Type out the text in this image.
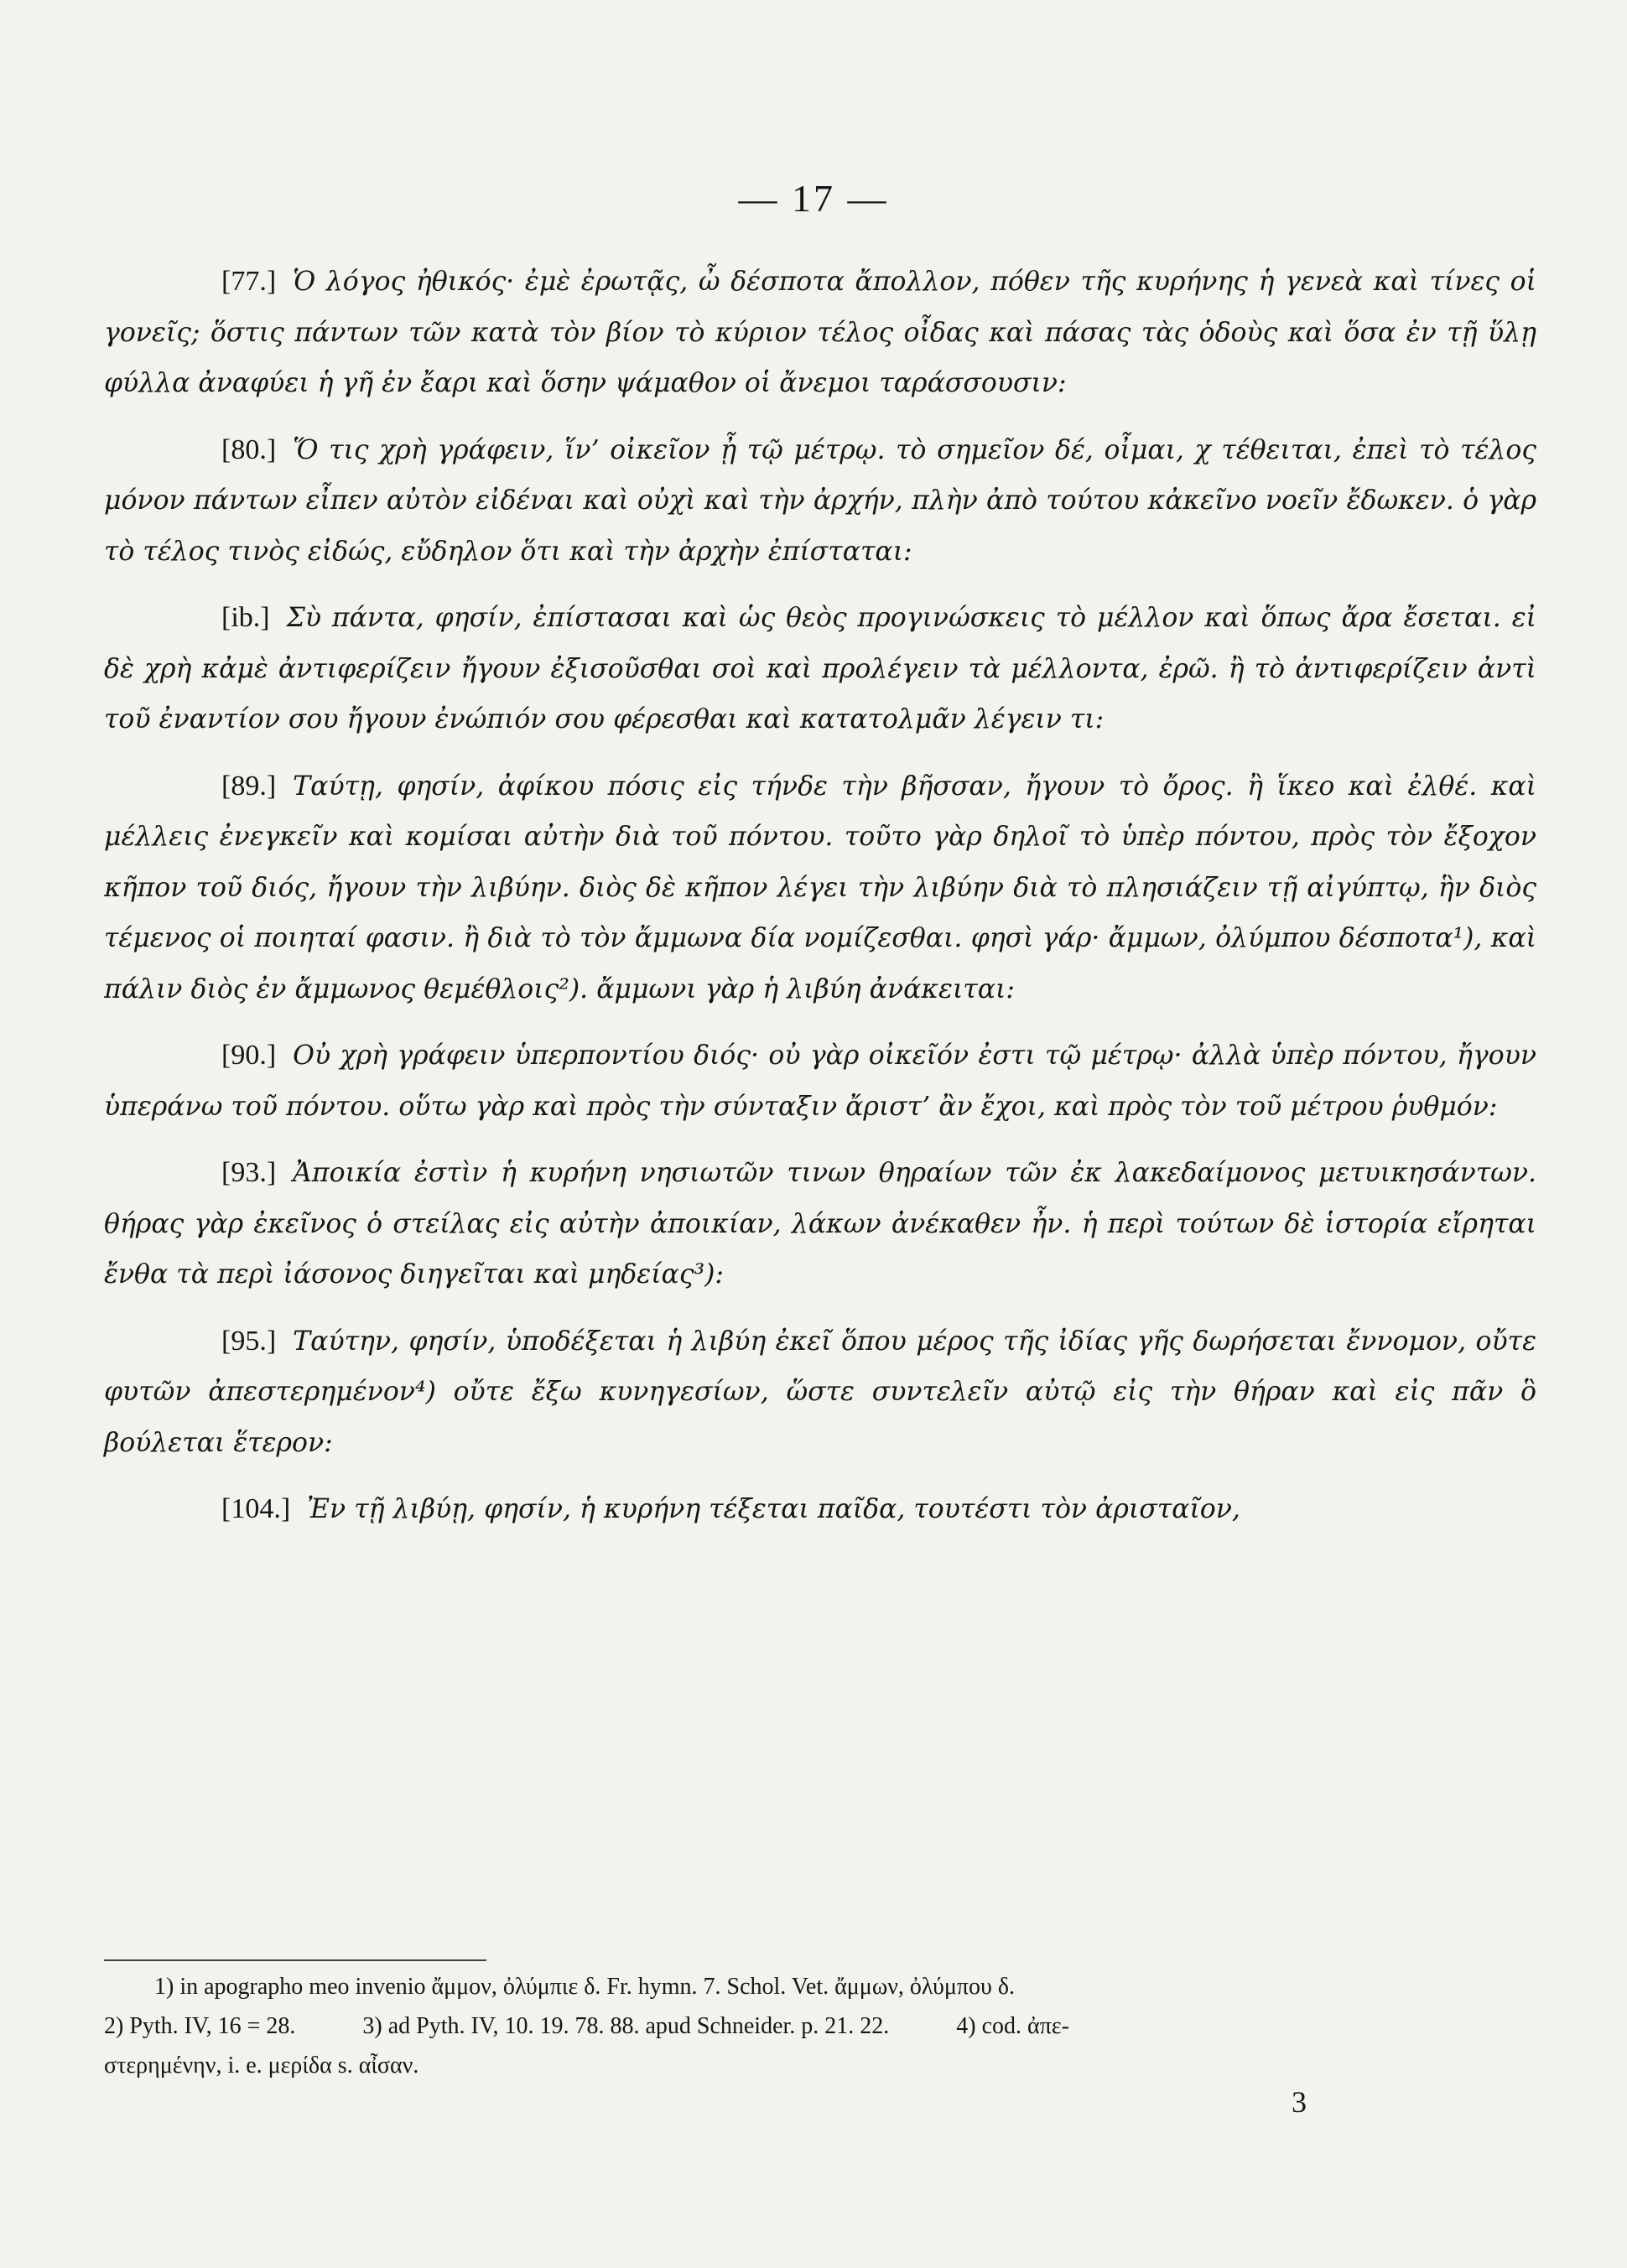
— 17 —

[77.] Ὁ λόγος ἠθικός· ἐμὲ ἐρωτᾷς, ὦ δέσποτα ἄπολλον, πόθεν τῆς κυρήνης ἡ γενεὰ καὶ τίνες οἱ γονεῖς; ὅστις πάντων τῶν κατὰ τὸν βίον τὸ κύριον τέλος οἶδας καὶ πάσας τὰς ὁδοὺς καὶ ὅσα ἐν τῇ ὕλῃ φύλλα ἀναφύει ἡ γῆ ἐν ἔαρι καὶ ὅσην ψάμαθον οἱ ἄνεμοι ταράσσουσιν:

[80.] Ὅ τις χρὴ γράφειν, ἵν’ οἰκεῖον ᾖ τῷ μέτρῳ. τὸ σημεῖον δέ, οἶμαι, χ τέθειται, ἐπεὶ τὸ τέλος μόνον πάντων εἶπεν αὐτὸν εἰδέναι καὶ οὐχὶ καὶ τὴν ἀρχήν, πλὴν ἀπὸ τούτου κἀκεῖνο νοεῖν ἔδωκεν. ὁ γὰρ τὸ τέλος τινὸς εἰδώς, εὔδηλον ὅτι καὶ τὴν ἀρχὴν ἐπίσταται:

[ib.] Σὺ πάντα, φησίν, ἐπίστασαι καὶ ὡς θεὸς προγινώσκεις τὸ μέλλον καὶ ὅπως ἄρα ἔσεται. εἰ δὲ χρὴ κἀμὲ ἀντιφερίζειν ἤγουν ἐξισοῦσθαι σοὶ καὶ προλέγειν τὰ μέλλοντα, ἐρῶ. ἢ τὸ ἀντιφερίζειν ἀντὶ τοῦ ἐναντίον σου ἤγουν ἐνώπιόν σου φέρεσθαι καὶ κατατολμᾶν λέγειν τι:

[89.] Ταύτῃ, φησίν, ἀφίκου πόσις εἰς τήνδε τὴν βῆσσαν, ἤγουν τὸ ὄρος. ἢ ἵκεο καὶ ἐλθέ. καὶ μέλλεις ἐνεγκεῖν καὶ κομίσαι αὐτὴν διὰ τοῦ πόντου. τοῦτο γὰρ δηλοῖ τὸ ὑπὲρ πόντου, πρὸς τὸν ἔξοχον κῆπον τοῦ διός, ἤγουν τὴν λιβύην. διὸς δὲ κῆπον λέγει τὴν λιβύην διὰ τὸ πλησιάζειν τῇ αἰγύπτῳ, ἣν διὸς τέμενος οἱ ποιηταί φασιν. ἢ διὰ τὸ τὸν ἄμμωνα δία νομίζεσθαι. φησὶ γάρ· ἄμμων, ὀλύμπου δέσποτα¹), καὶ πάλιν διὸς ἐν ἄμμωνος θεμέθλοις²). ἄμμωνι γὰρ ἡ λιβύη ἀνάκειται:

[90.] Οὐ χρὴ γράφειν ὑπερποντίου διός· οὐ γὰρ οἰκεῖόν ἐστι τῷ μέτρῳ· ἀλλὰ ὑπὲρ πόντου, ἤγουν ὑπεράνω τοῦ πόντου. οὕτω γὰρ καὶ πρὸς τὴν σύνταξιν ἄριστ’ ἂν ἔχοι, καὶ πρὸς τὸν τοῦ μέτρου ῥυθμόν:

[93.] Ἀποικία ἐστὶν ἡ κυρήνη νησιωτῶν τινων θηραίων τῶν ἐκ λακεδαίμονος μετυικησάντων. θήρας γὰρ ἐκεῖνος ὁ στείλας εἰς αὐτὴν ἀποικίαν, λάκων ἀνέκαθεν ἦν. ἡ περὶ τούτων δὲ ἱστορία εἴρηται ἔνθα τὰ περὶ ἰάσονος διηγεῖται καὶ μηδείας³):

[95.] Ταύτην, φησίν, ὑποδέξεται ἡ λιβύη ἐκεῖ ὅπου μέρος τῆς ἰδίας γῆς δωρήσεται ἔννομον, οὔτε φυτῶν ἀπεστερημένον⁴) οὔτε ἔξω κυνηγεσίων, ὥστε συντελεῖν αὐτῷ εἰς τὴν θήραν καὶ εἰς πᾶν ὃ βούλεται ἕτερον:

[104.] Ἐν τῇ λιβύῃ, φησίν, ἡ κυρήνη τέξεται παῖδα, τουτέστι τὸν ἀρισταῖον,

1) in apographo meo invenio ἄμμον, ὀλύμπιε δ. Fr. hymn. 7. Schol. Vet. ἄμμων, ὀλύμπου δ.
2) Pyth. IV, 16 = 28.	3) ad Pyth. IV, 10. 19. 78. 88. apud Schneider. p. 21. 22.	4) cod. ἀπε-
στερημένην, i. e. μερίδα s. αἶσαν.
3
